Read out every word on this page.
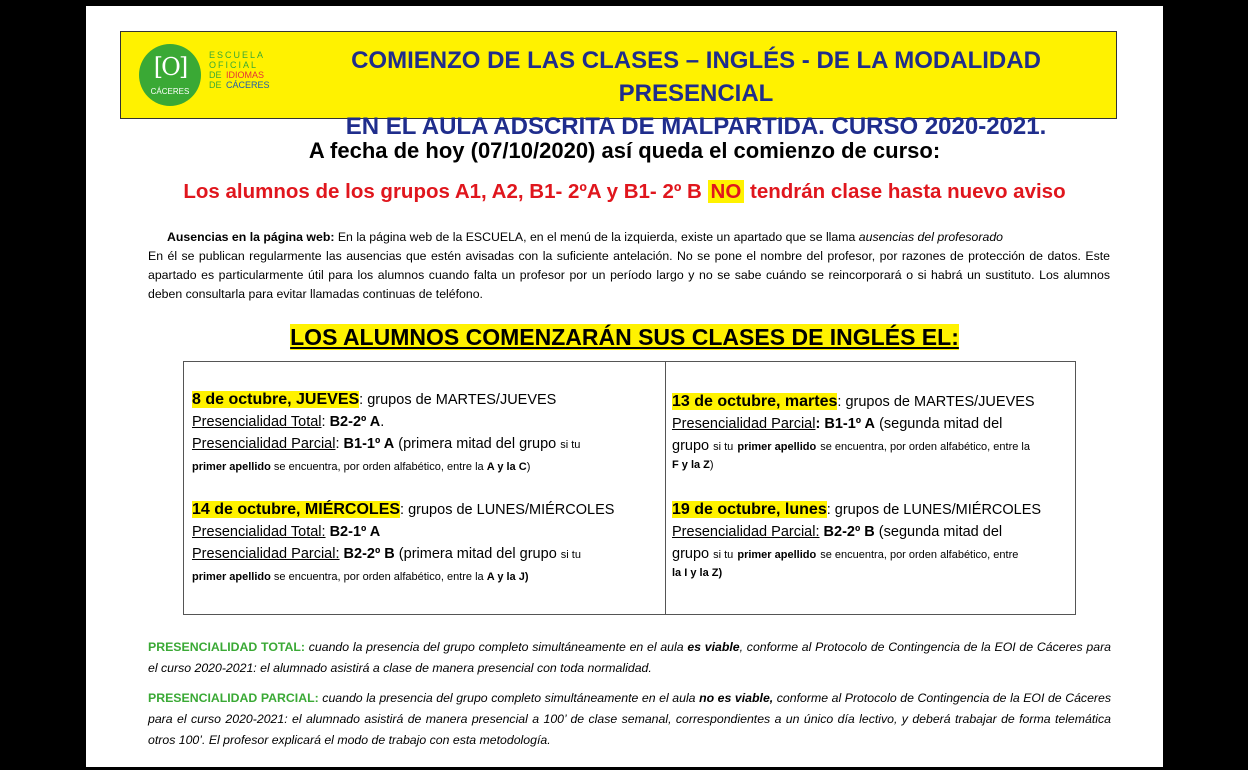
[O]
CÁCERES
ESCUELA
OFICIAL
DE IDIOMAS
DE CÁCERES
COMIENZO DE LAS CLASES – INGLÉS - DE LA MODALIDAD PRESENCIAL
EN EL AULA ADSCRITA DE MALPARTIDA. CURSO 2020-2021.
A fecha de hoy (07/10/2020) así queda el comienzo de curso:
Los alumnos de los grupos A1, A2, B1- 2ºA y B1- 2º B NO tendrán clase hasta nuevo aviso

Ausencias en la página web: En la página web de la ESCUELA, en el menú de la izquierda, existe un apartado que se llama ausencias del profesorado

En él se publican regularmente las ausencias que estén avisadas con la suficiente antelación. No se pone el nombre del profesor, por razones de protección de datos. Este apartado es particularmente útil para los alumnos cuando falta un profesor por un período largo y no se sabe cuándo se reincorporará o si habrá un sustituto. Los alumnos deben consultarla para evitar llamadas continuas de teléfono.

LOS ALUMNOS COMENZARÁN SUS CLASES DE INGLÉS EL:
8 de octubre, JUEVES: grupos de MARTES/JUEVES
Presencialidad Total: B2-2º A.
Presencialidad Parcial: B1-1º A (primera mitad del grupo si tu
primer apellido se encuentra, por orden alfabético, entre la A y la C)
13 de octubre, martes: grupos de MARTES/JUEVES
Presencialidad Parcial: B1-1º A (segunda mitad del
grupo si tu primer apellido se encuentra, por orden alfabético, entre la
F y la Z)
14 de octubre, MIÉRCOLES: grupos de LUNES/MIÉRCOLES
Presencialidad Total: B2-1º A
Presencialidad Parcial: B2-2º B (primera mitad del grupo si tu
primer apellido se encuentra, por orden alfabético, entre la A y la J)
19 de octubre, lunes: grupos de LUNES/MIÉRCOLES
Presencialidad Parcial: B2-2º B (segunda mitad del
grupo si tu primer apellido se encuentra, por orden alfabético, entre
la I y la Z)
PRESENCIALIDAD TOTAL: cuando la presencia del grupo completo simultáneamente en el aula es viable, conforme al Protocolo de Contingencia de la EOI de Cáceres para el curso 2020-2021: el alumnado asistirá a clase de manera presencial con toda normalidad.
PRESENCIALIDAD PARCIAL: cuando la presencia del grupo completo simultáneamente en el aula no es viable, conforme al Protocolo de Contingencia de la EOI de Cáceres para el curso 2020-2021: el alumnado asistirá de manera presencial a 100’ de clase semanal, correspondientes a un único día lectivo, y deberá trabajar de forma telemática otros 100’. El profesor explicará el modo de trabajo con esta metodología.
